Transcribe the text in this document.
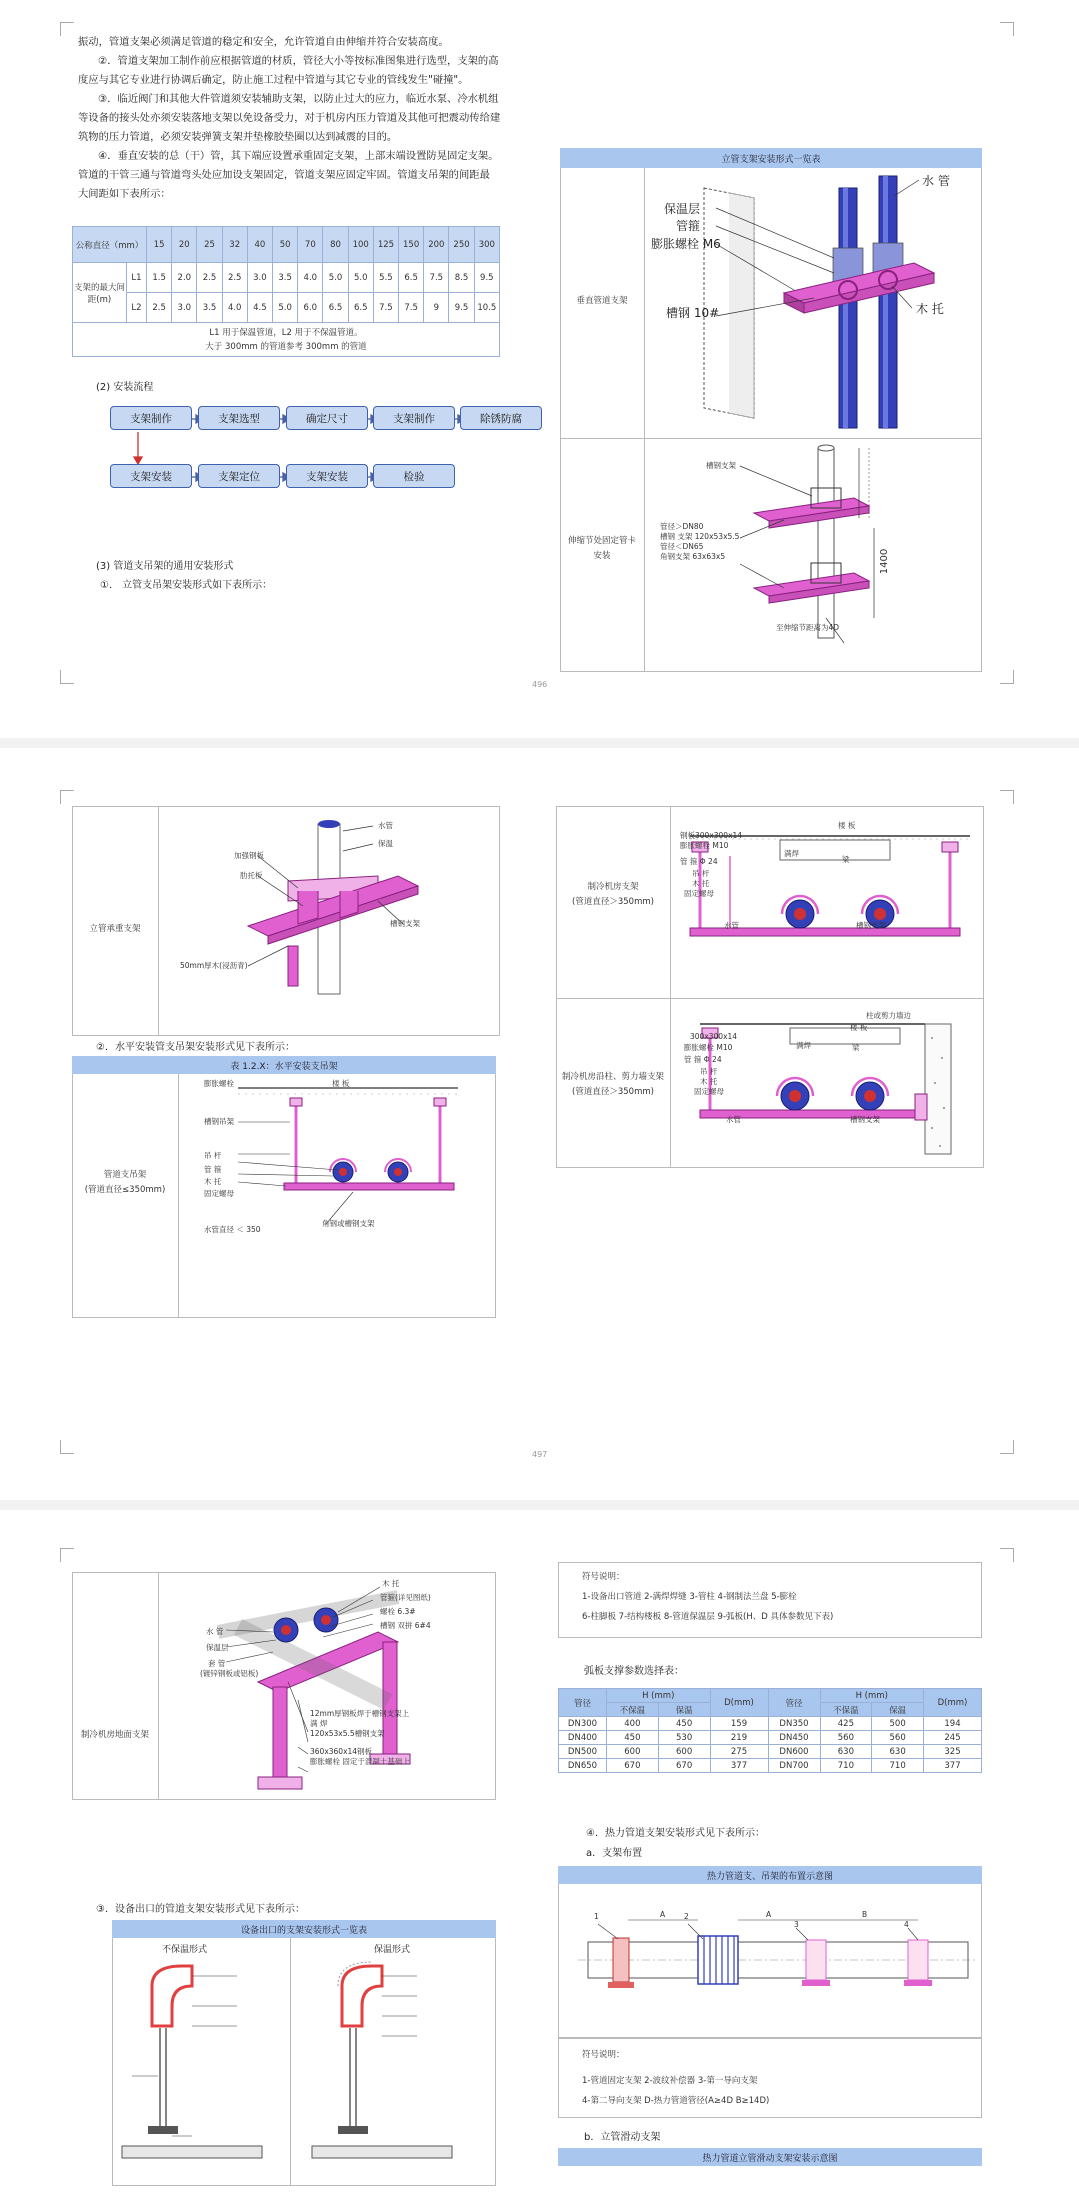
振动，管道支架必须满足管道的稳定和安全，允许管道自由伸缩并符合安装高度。

②．管道支架加工制作前应根据管道的材质，管径大小等按标准图集进行选型，支架的高

度应与其它专业进行协调后确定，防止施工过程中管道与其它专业的管线发生"碰撞"。

③．临近阀门和其他大件管道须安装辅助支架，以防止过大的应力，临近水泵、冷水机组

等设备的接头处亦须安装落地支架以免设备受力，对于机房内压力管道及其他可把震动传给建

筑物的压力管道，必须安装弹簧支架并垫橡胶垫圈以达到减震的目的。

④．垂直安装的总（干）管，其下端应设置承重固定支架，上部末端设置防晃固定支架。

管道的干管三通与管道弯头处应加设支架固定，管道支架应固定牢固。管道支吊架的间距最

大间距如下表所示：

公称直径（mm）		15	20	25	32	40	50	70	80	100	125	150	200	250	300
支架的最大间距(m)	L1	1.5	2.0	2.5	2.5	3.0	3.5	4.0	5.0	5.0	5.5	6.5	7.5	8.5	9.5
	L2	2.5	3.0	3.5	4.0	4.5	5.0	6.0	6.5	6.5	7.5	7.5	9	9.5	10.5

L1 用于保温管道，L2 用于不保温管道。
大于 300mm 的管道参考 300mm 的管道															
(2) 安装流程
支架制作	支架选型	确定尺寸	支架制作	除锈防腐
支架安装	支架定位	支架安装	检验
(3) 管道支吊架的通用安装形式
①． 立管支吊架安装形式如下表所示：
立管支架安装形式一览表
垂直管道支架
伸缩节处固定管卡安装
水 管
保温层
管箍
膨胀螺栓 M6
槽钢 10#	木 托
槽钢支架
管径＞DN80
槽钢 支架 120x53x5.5
管径＜DN65
角钢支架 63x63x5
至伸缩节距离为4D
1400
496
立管承重支架
水管
保温
加强钢板
肋托板
槽钢支架
50mm厚木(浸沥青)
制冷机房支架
(管道直径＞350mm)
制冷机房沿柱、剪力墙支架
(管道直径＞350mm)
楼 板
钢板300x300x14
膨胀螺栓 M10
满焊
梁
管 箍 Φ 24
吊 杆
木 托
固定螺母
水管	槽钢支架
柱或剪力墙边
楼 板
300x300x14
膨胀螺栓 M10	满焊	梁
管 箍 Φ 24
吊 杆
木 托
固定螺母
水管	槽钢支架
②．水平安装管支吊架安装形式见下表所示：
表 1.2.X：水平安装支吊架
管道支吊架
(管道直径≤350mm)
膨胀螺栓	楼 板
槽钢吊架
吊 杆
管 箍
木 托
固定螺母
水管直径 ＜ 350
角钢或槽钢支架
497
制冷机房地面支架
木 托
管箍(详见图纸)
螺栓 6.3#
槽钢 双拼 6#4
水 管
保温层
套 管
(镀锌钢板或铝板)
12mm厚钢板焊于槽钢支架上
满 焊
120x53x5.5槽钢支架
360x360x14钢板
膨胀螺栓 固定于混凝土基础上
③．设备出口的管道支架安装形式见下表所示：
设备出口的支架安装形式一览表
不保温形式	保温形式
符号说明：
1-设备出口管道 2-满焊焊缝 3-管柱 4-钢制法兰盘 5-膨栓
6-柱脚板 7-结构楼板 8-管道保温层 9-弧板(H、D 具体参数见下表)
弧板支撑参数选择表：
管径	H (mm)		D(mm)	管径	H (mm)		D(mm)
	不保温	保温			不保温	保温	
DN300	400	450	159	DN350	425	500	194
DN400	450	530	219	DN450	560	560	245
DN500	600	600	275	DN600	630	630	325
DN650	670	670	377	DN700	710	710	377
④．热力管道支架安装形式见下表所示：
a．支架布置
热力管道支、吊架的布置示意图
1	2
3	4
A	A	B
符号说明：
1-管道固定支架 2-波纹补偿器 3-第一导向支架
4-第二导向支架 D-热力管道管径(A≥4D B≥14D)
b．立管滑动支架
热力管道立管滑动支架安装示意图
